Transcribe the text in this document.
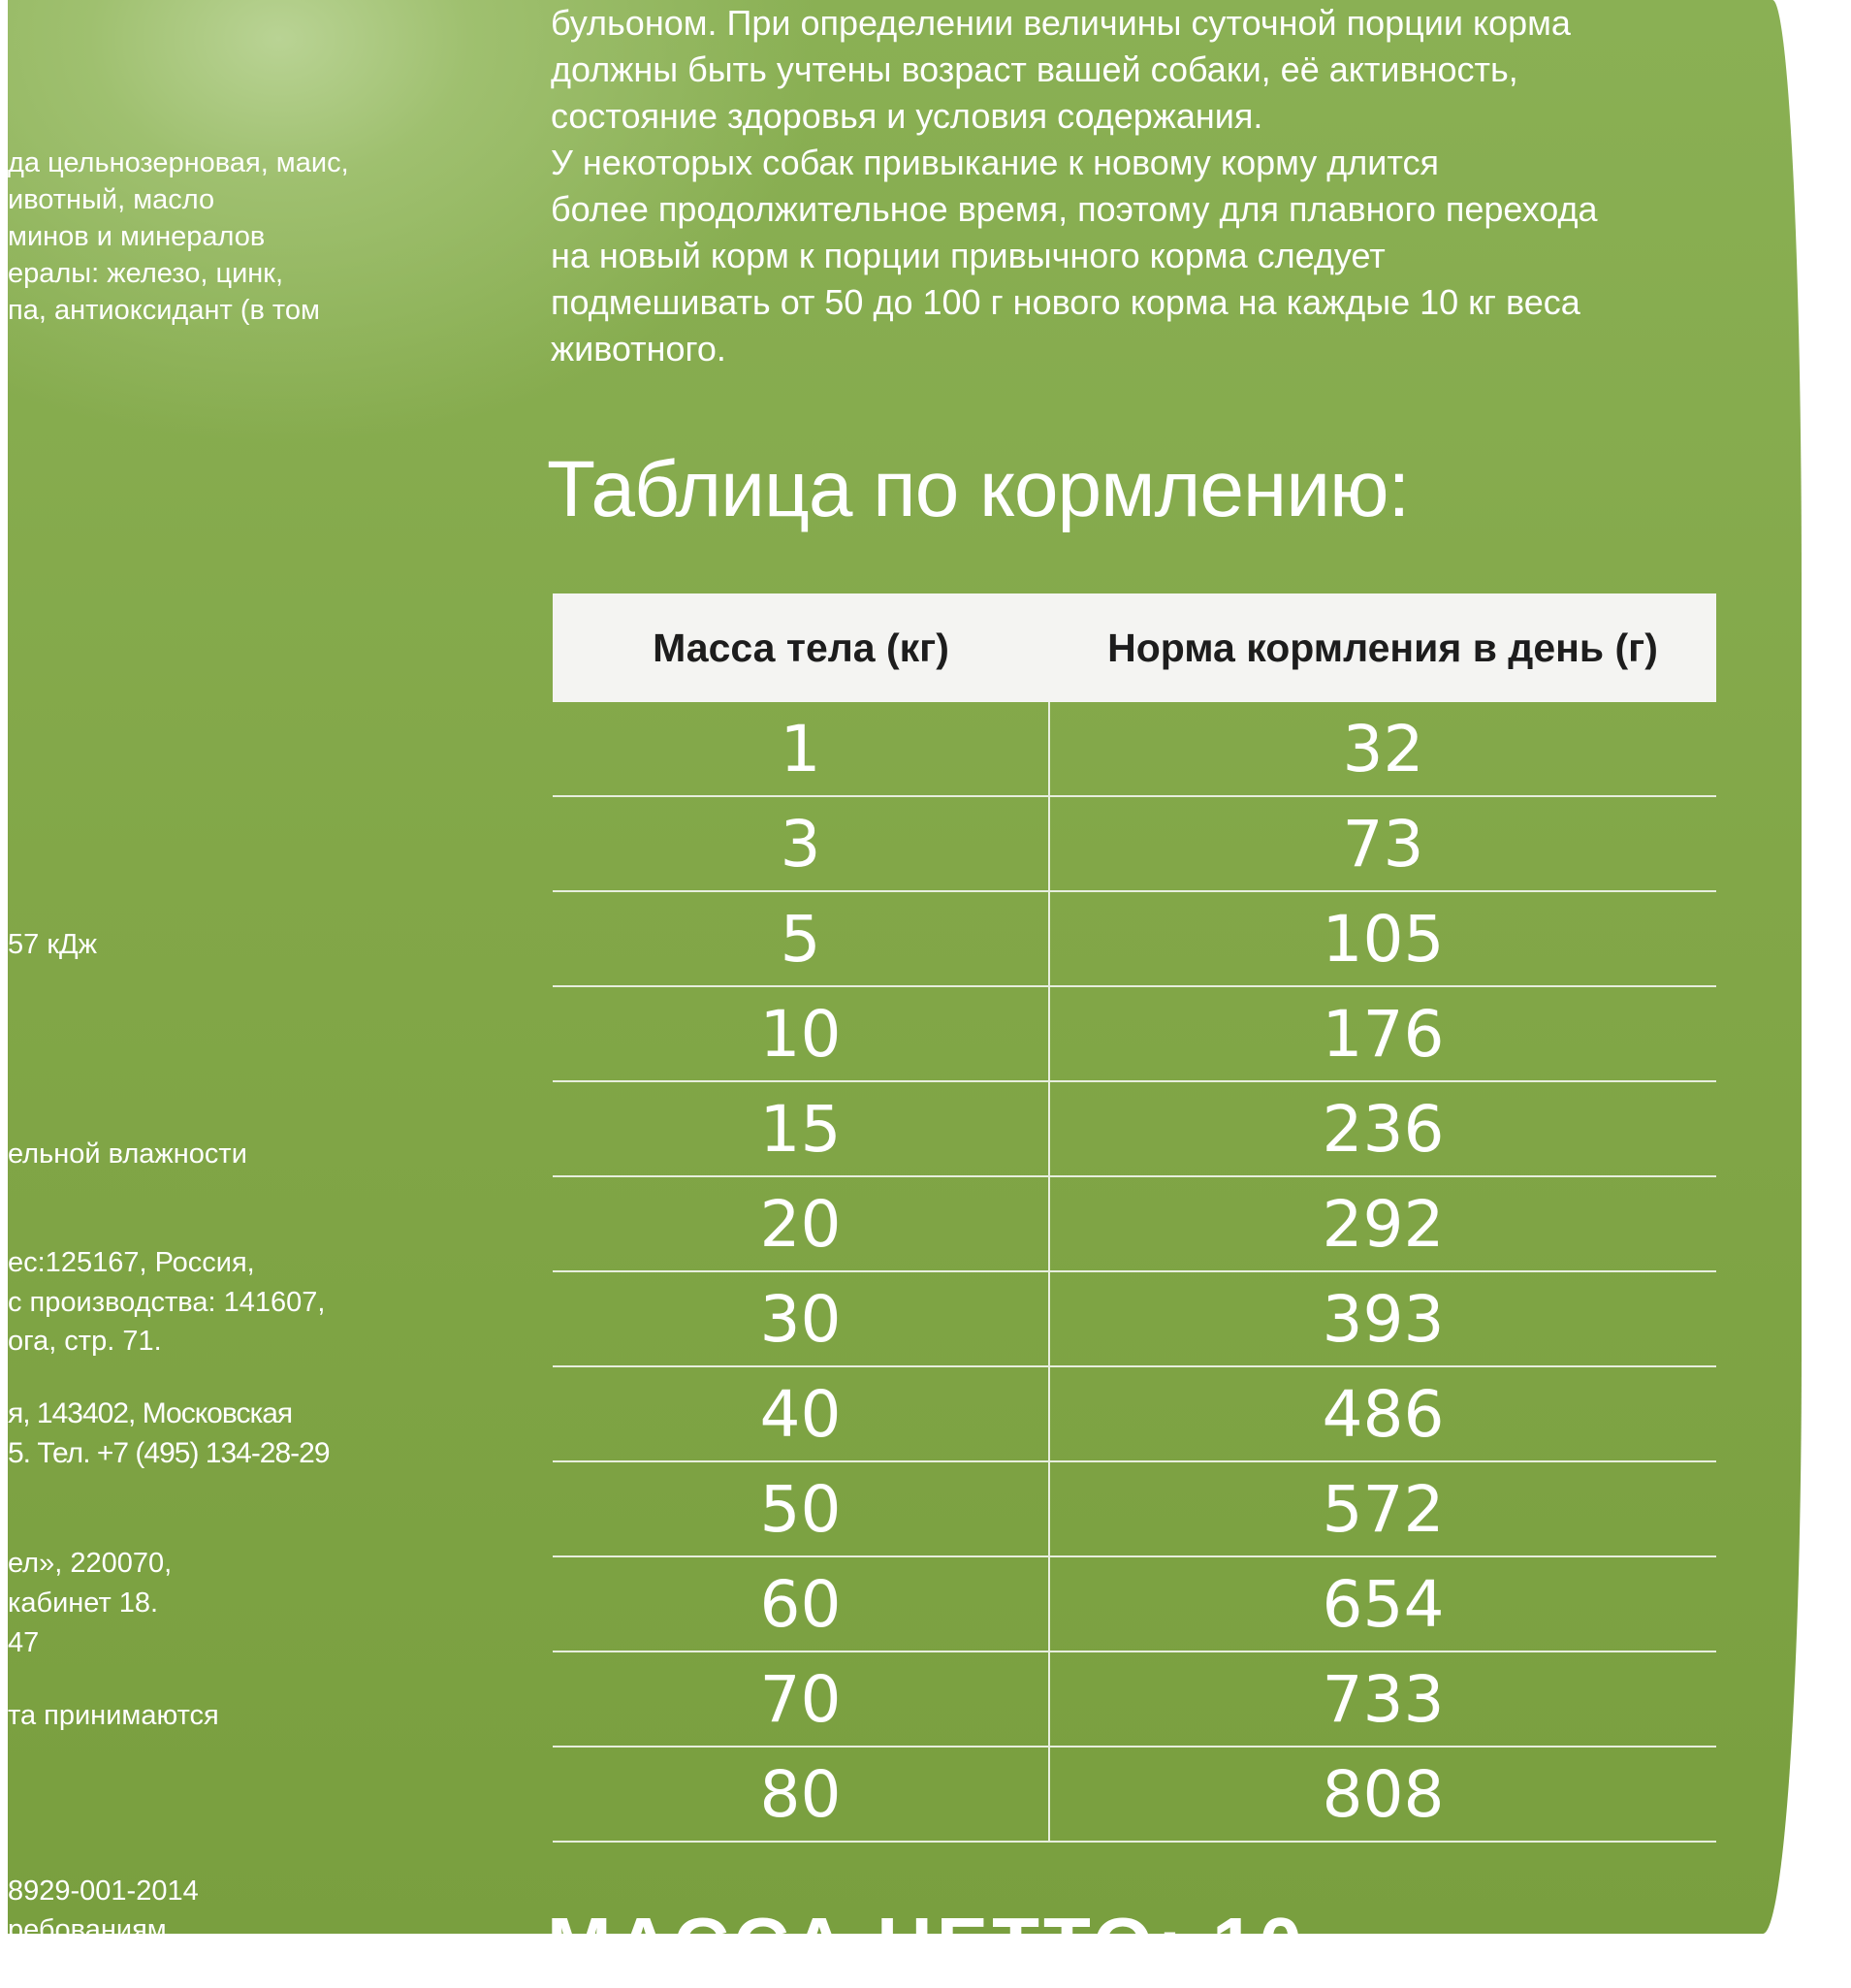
да цельнозерновая, маис,
ивотный, масло
минов и минералов
ералы: железо, цинк,
па, антиоксидант (в том
57 кДж
ельной влажности
ес:125167, Россия,
с производства: 141607,
ога, стр. 71.
я, 143402, Московская
5. Тел. +7 (495) 134-28-29
ел», 220070,
кабинет 18.
47
та принимаются
8929-001-2014
ребованиям
бульоном. При определении величины суточной порции корма
должны быть учтены возраст вашей собаки, её активность,
состояние здоровья и условия содержания.
У некоторых собак привыкание к новому корму длится
более продолжительное время, поэтому для плавного перехода
на новый корм к порции привычного корма следует
подмешивать от 50 до 100 г нового корма на каждые 10 кг веса
животного.
Таблица по кормлению:
Масса тела (кг)	Норма кормления в день (г)
1	32
3	73
5	105
10	176
15	236
20	292
30	393
40	486
50	572
60	654
70	733
80	808
МАССА НЕТТО: 10
